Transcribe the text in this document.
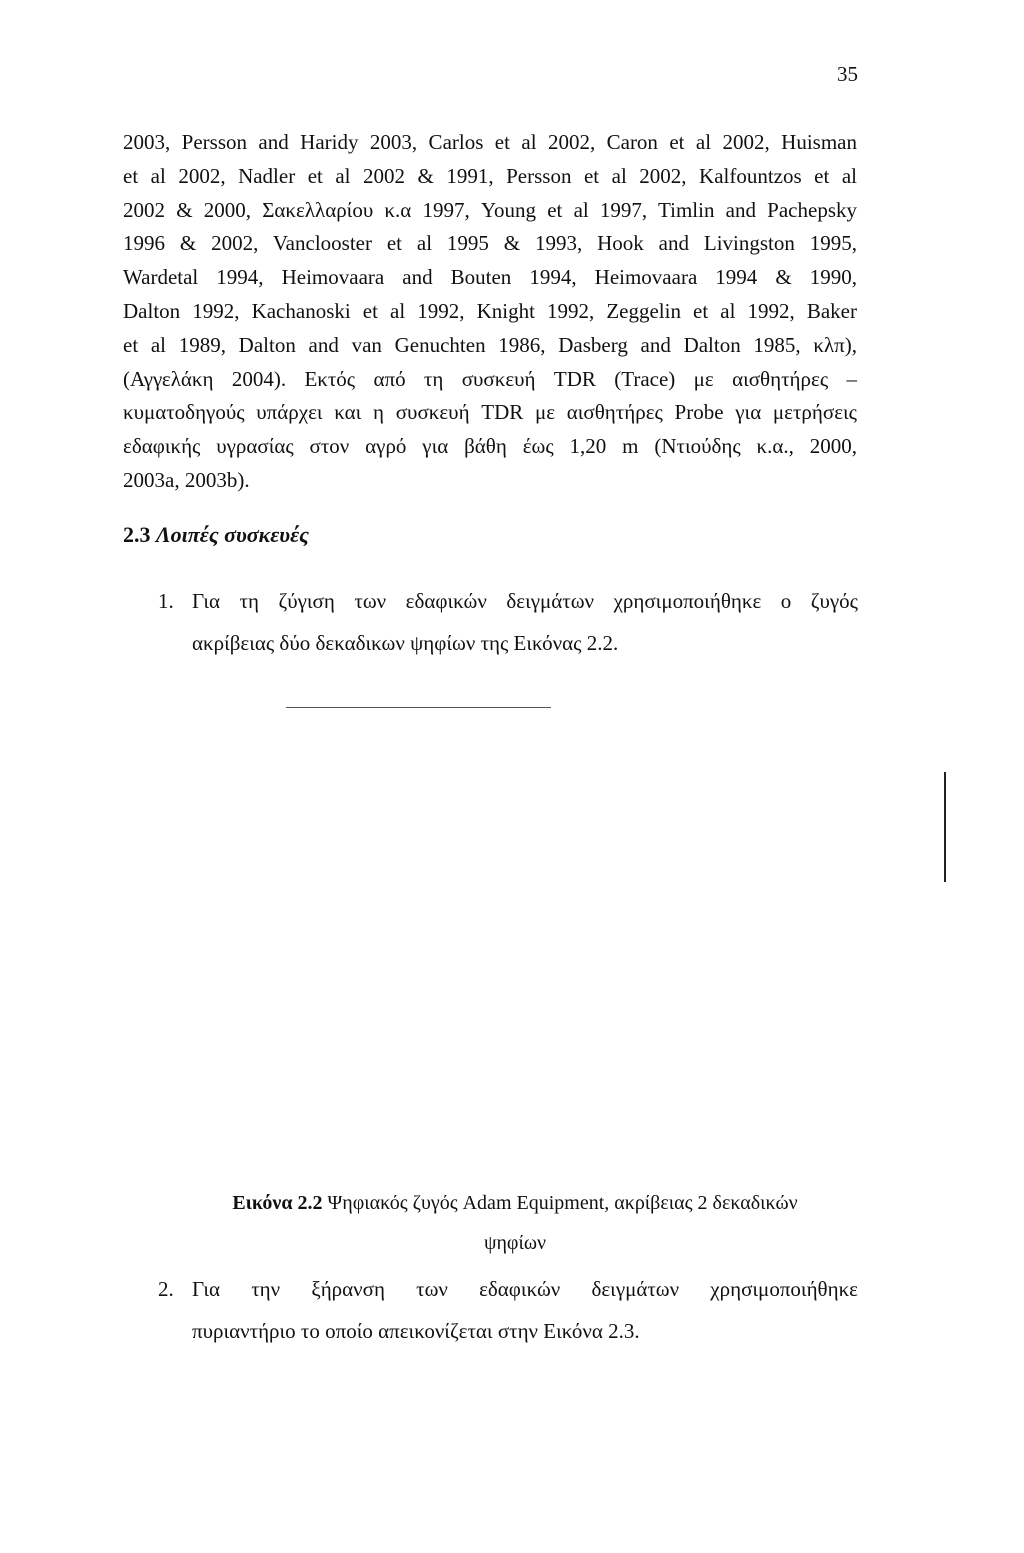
35
2003, Persson and Haridy 2003, Carlos et al 2002, Caron et al 2002, Huisman
et al 2002, Nadler et al 2002 & 1991, Persson et al 2002, Kalfountzos et al
2002 & 2000, Σακελλαρίου κ.α 1997, Young et al 1997, Timlin and Pachepsky
1996 & 2002, Vanclooster et al 1995 & 1993, Hook and Livingston 1995,
Wardetal 1994, Heimovaara and Bouten 1994, Heimovaara 1994 & 1990,
Dalton 1992, Kachanoski et al 1992, Knight 1992, Zeggelin et al 1992, Baker
et al 1989, Dalton and van Genuchten 1986, Dasberg and Dalton 1985, κλπ),
(Αγγελάκη 2004). Εκτός από τη συσκευή TDR (Trace) με αισθητήρες –
κυματοδηγούς υπάρχει και η συσκευή TDR με αισθητήρες Probe για μετρήσεις
εδαφικής υγρασίας στον αγρό για βάθη έως 1,20 m (Ντιούδης κ.α., 2000,
2003a, 2003b).
2.3 Λοιπές συσκευές
1. Για τη ζύγιση των εδαφικών δειγμάτων χρησιμοποιήθηκε ο ζυγός
ακρίβειας δύο δεκαδικων ψηφίων της Εικόνας 2.2.
Εικόνα 2.2 Ψηφιακός ζυγός Adam Equipment, ακρίβειας 2 δεκαδικών
ψηφίων
2. Για την ξήρανση των εδαφικών δειγμάτων χρησιμοποιήθηκε
πυριαντήριο το οποίο απεικονίζεται στην Εικόνα 2.3.
